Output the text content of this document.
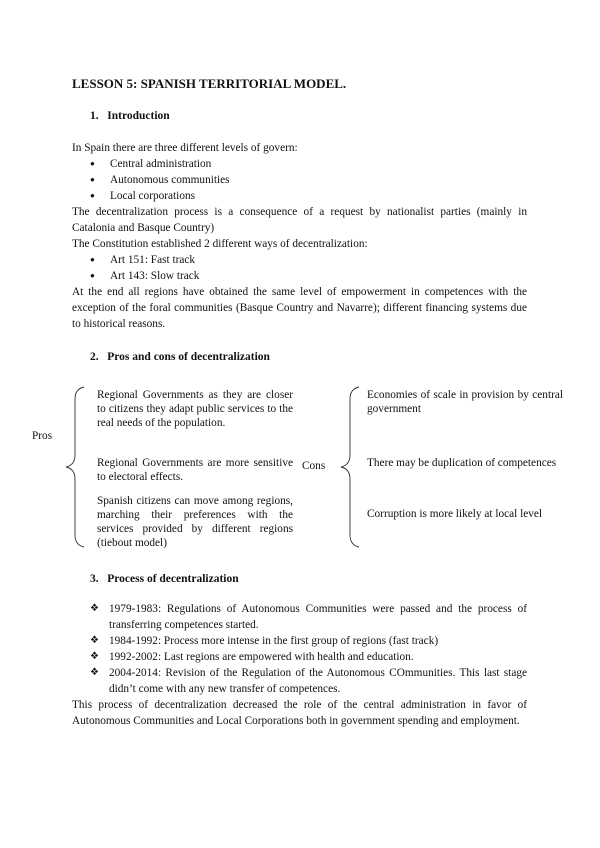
LESSON 5: SPANISH TERRITORIAL MODEL.
1. Introduction
In Spain there are three different levels of govern:
● Central administration
● Autonomous communities
● Local corporations
The decentralization process is a consequence of a request by nationalist parties (mainly in Catalonia and Basque Country)
The Constitution established 2 different ways of decentralization:
● Art 151: Fast track
● Art 143: Slow track
At the end all regions have obtained the same level of empowerment in competences with the exception of the foral communities (Basque Country and Navarre); different financing systems due to historical reasons.
2. Pros and cons of decentralization
Pros
Regional Governments as they are closer to citizens they adapt public services to the real needs of the population.
Regional Governments are more sensitive to electoral effects.
Spanish citizens can move among regions, marching their preferences with the services provided by different regions (tiebout model)
Cons
Economies of scale in provision by central government
There may be duplication of competences
Corruption is more likely at local level
3. Process of decentralization
❖ 1979-1983: Regulations of Autonomous Communities were passed and the process of transferring competences started.
❖ 1984-1992: Process more intense in the first group of regions (fast track)
❖ 1992-2002: Last regions are empowered with health and education.
❖ 2004-2014: Revision of the Regulation of the Autonomous COmmunities. This last stage didn’t come with any new transfer of competences.
This process of decentralization decreased the role of the central administration in favor of Autonomous Communities and Local Corporations both in government spending and employment.
